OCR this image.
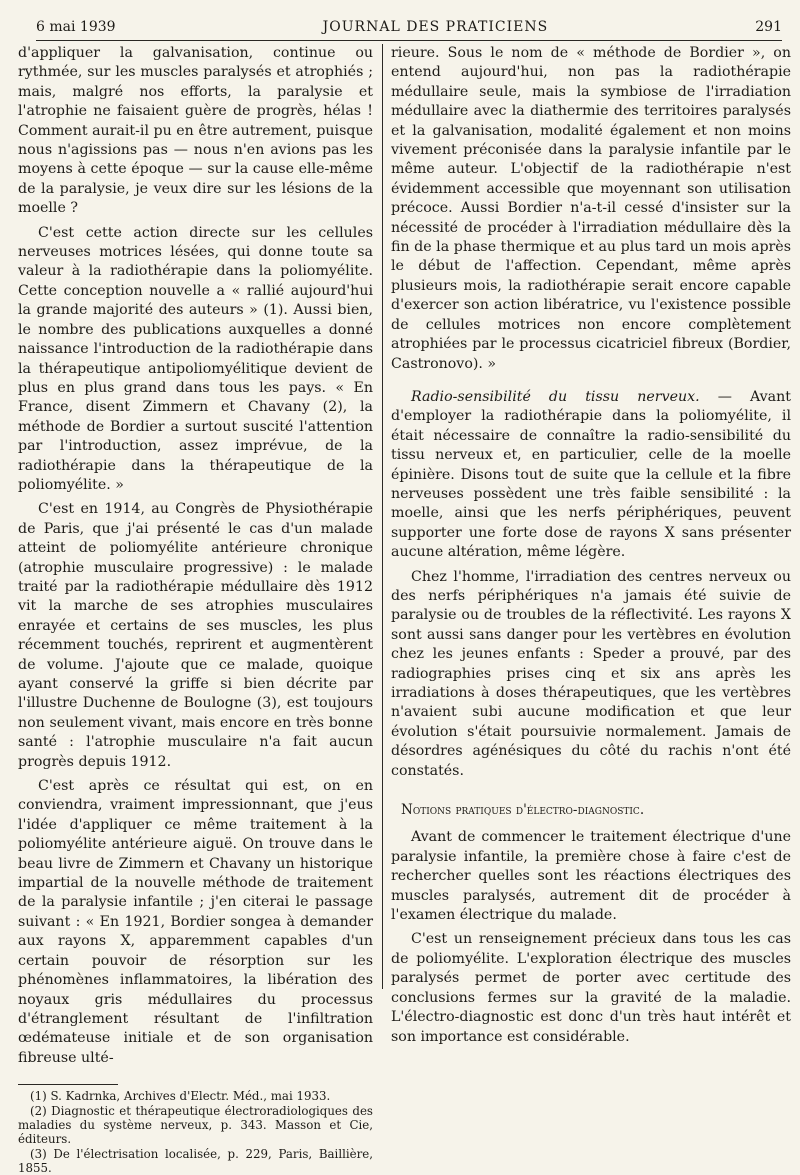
6 mai 1939	JOURNAL DES PRATICIENS	291

d'appliquer la galvanisation, continue ou rythmée, sur les muscles paralysés et atrophiés ; mais, malgré nos efforts, la paralysie et l'atrophie ne faisaient guère de progrès, hélas ! Comment aurait-il pu en être autrement, puisque nous n'agissions pas — nous n'en avions pas les moyens à cette époque — sur la cause elle-même de la paralysie, je veux dire sur les lésions de la moelle ?

C'est cette action directe sur les cellules nerveuses motrices lésées, qui donne toute sa valeur à la radiothérapie dans la poliomyélite. Cette conception nouvelle a « rallié aujourd'hui la grande majorité des auteurs » (1). Aussi bien, le nombre des publications auxquelles a donné naissance l'introduction de la radiothérapie dans la thérapeutique antipoliomyélitique devient de plus en plus grand dans tous les pays. « En France, disent Zimmern et Chavany (2), la méthode de Bordier a surtout suscité l'attention par l'introduction, assez imprévue, de la radiothérapie dans la thérapeutique de la poliomyélite. »

C'est en 1914, au Congrès de Physiothérapie de Paris, que j'ai présenté le cas d'un malade atteint de poliomyélite antérieure chronique (atrophie musculaire progressive) : le malade traité par la radiothérapie médullaire dès 1912 vit la marche de ses atrophies musculaires enrayée et certains de ses muscles, les plus récemment touchés, reprirent et augmentèrent de volume. J'ajoute que ce malade, quoique ayant conservé la griffe si bien décrite par l'illustre Duchenne de Boulogne (3), est toujours non seulement vivant, mais encore en très bonne santé : l'atrophie musculaire n'a fait aucun progrès depuis 1912.

C'est après ce résultat qui est, on en conviendra, vraiment impressionnant, que j'eus l'idée d'appliquer ce même traitement à la poliomyélite antérieure aiguë. On trouve dans le beau livre de Zimmern et Chavany un historique impartial de la nouvelle méthode de traitement de la paralysie infantile ; j'en citerai le passage suivant : « En 1921, Bordier songea à demander aux rayons X, apparemment capables d'un certain pouvoir de résorption sur les phénomènes inflammatoires, la libération des noyaux gris médullaires du processus d'étranglement résultant de l'infiltration œdémateuse initiale et de son organisation fibreuse ulté-

(1) S. Kadrnka, Archives d'Electr. Méd., mai 1933.

(2) Diagnostic et thérapeutique électroradiologiques des maladies du système nerveux, p. 343. Masson et Cie, éditeurs.

(3) De l'électrisation localisée, p. 229, Paris, Baillière, 1855.

rieure. Sous le nom de « méthode de Bordier », on entend aujourd'hui, non pas la radiothérapie médullaire seule, mais la symbiose de l'irradiation médullaire avec la diathermie des territoires paralysés et la galvanisation, modalité également et non moins vivement préconisée dans la paralysie infantile par le même auteur. L'objectif de la radiothérapie n'est évidemment accessible que moyennant son utilisation précoce. Aussi Bordier n'a-t-il cessé d'insister sur la nécessité de procéder à l'irradiation médullaire dès la fin de la phase thermique et au plus tard un mois après le début de l'affection. Cependant, même après plusieurs mois, la radiothérapie serait encore capable d'exercer son action libératrice, vu l'existence possible de cellules motrices non encore complètement atrophiées par le processus cicatriciel fibreux (Bordier, Castronovo). »

Radio-sensibilité du tissu nerveux. — Avant d'employer la radiothérapie dans la poliomyélite, il était nécessaire de connaître la radio-sensibilité du tissu nerveux et, en particulier, celle de la moelle épinière. Disons tout de suite que la cellule et la fibre nerveuses possèdent une très faible sensibilité : la moelle, ainsi que les nerfs périphériques, peuvent supporter une forte dose de rayons X sans présenter aucune altération, même légère.

Chez l'homme, l'irradiation des centres nerveux ou des nerfs périphériques n'a jamais été suivie de paralysie ou de troubles de la réflectivité. Les rayons X sont aussi sans danger pour les vertèbres en évolution chez les jeunes enfants : Speder a prouvé, par des radiographies prises cinq et six ans après les irradiations à doses thérapeutiques, que les vertèbres n'avaient subi aucune modification et que leur évolution s'était poursuivie normalement. Jamais de désordres agénésiques du côté du rachis n'ont été constatés.

Notions pratiques d'électro-diagnostic.

Avant de commencer le traitement électrique d'une paralysie infantile, la première chose à faire c'est de rechercher quelles sont les réactions électriques des muscles paralysés, autrement dit de procéder à l'examen électrique du malade.

C'est un renseignement précieux dans tous les cas de poliomyélite. L'exploration électrique des muscles paralysés permet de porter avec certitude des conclusions fermes sur la gravité de la maladie. L'électro-diagnostic est donc d'un très haut intérêt et son importance est considérable.
